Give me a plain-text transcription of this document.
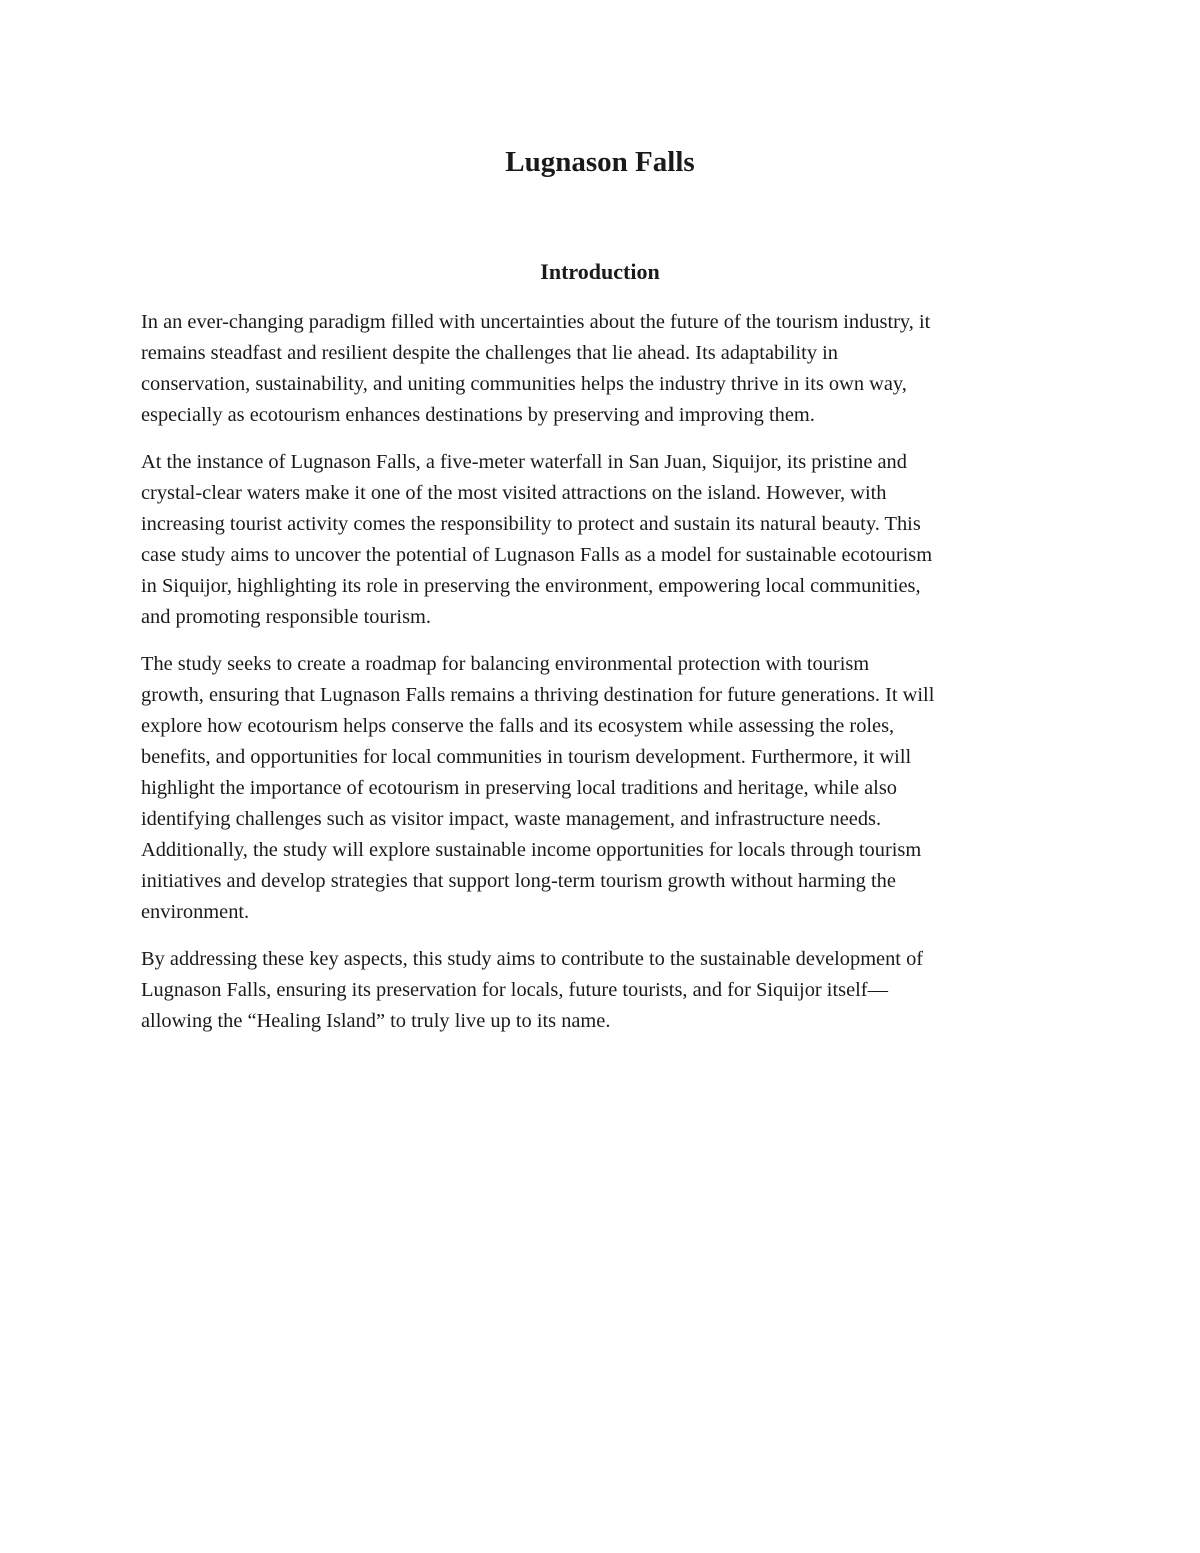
Lugnason Falls
Introduction

In an ever-changing paradigm filled with uncertainties about the future of the tourism industry, it
remains steadfast and resilient despite the challenges that lie ahead. Its adaptability in
conservation, sustainability, and uniting communities helps the industry thrive in its own way,
especially as ecotourism enhances destinations by preserving and improving them.

At the instance of Lugnason Falls, a five-meter waterfall in San Juan, Siquijor, its pristine and
crystal-clear waters make it one of the most visited attractions on the island. However, with
increasing tourist activity comes the responsibility to protect and sustain its natural beauty. This
case study aims to uncover the potential of Lugnason Falls as a model for sustainable ecotourism
in Siquijor, highlighting its role in preserving the environment, empowering local communities,
and promoting responsible tourism.

The study seeks to create a roadmap for balancing environmental protection with tourism
growth, ensuring that Lugnason Falls remains a thriving destination for future generations. It will
explore how ecotourism helps conserve the falls and its ecosystem while assessing the roles,
benefits, and opportunities for local communities in tourism development. Furthermore, it will
highlight the importance of ecotourism in preserving local traditions and heritage, while also
identifying challenges such as visitor impact, waste management, and infrastructure needs.
Additionally, the study will explore sustainable income opportunities for locals through tourism
initiatives and develop strategies that support long-term tourism growth without harming the
environment.

By addressing these key aspects, this study aims to contribute to the sustainable development of
Lugnason Falls, ensuring its preservation for locals, future tourists, and for Siquijor itself—
allowing the “Healing Island” to truly live up to its name.
